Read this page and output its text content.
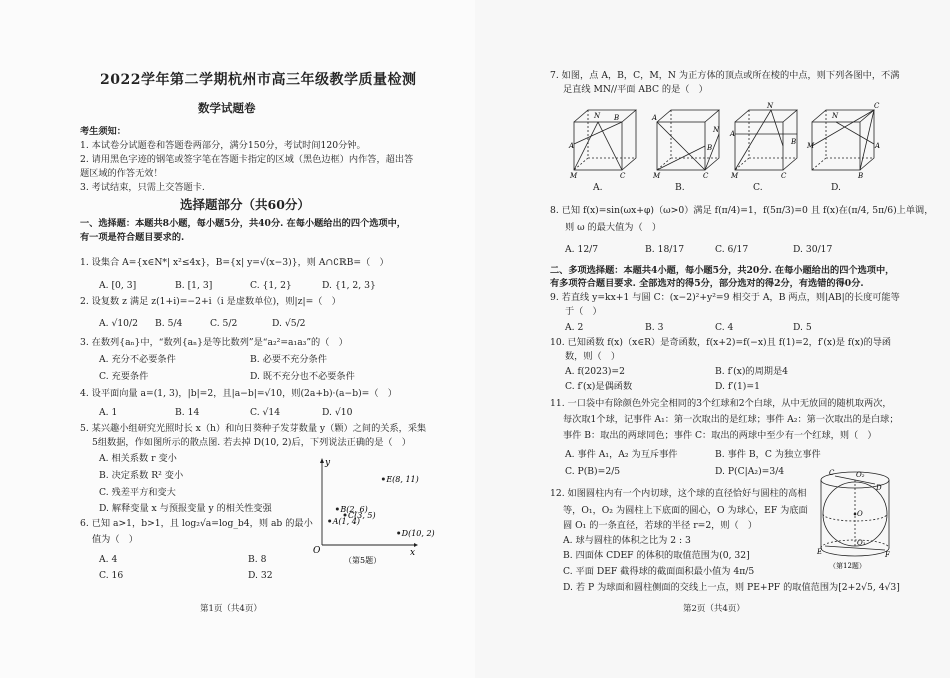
2022学年第二学期杭州市高三年级教学质量检测
数学试题卷
考生须知：
1. 本试卷分试题卷和答题卷两部分，满分150分，考试时间120分钟。
2. 请用黑色字迹的钢笔或签字笔在答题卡指定的区域（黑色边框）内作答，超出答
题区域的作答无效！
3. 考试结束，只需上交答题卡.
选择题部分（共60分）
一、选择题：本题共8小题，每小题5分，共40分. 在每小题给出的四个选项中，
有一项是符合题目要求的.
1. 设集合 A={x∈N*| x²≤4x}，B={x| y=√(x−3)}，则 A∩∁ℝB=（　）
A. [0, 3]	B. [1, 3]	C. {1, 2}	D. {1, 2, 3}
2. 设复数 z 满足 z(1+i)=−2+i（i 是虚数单位)，则|z|=（　）
A. √10/2 B. 5/4	C. 5/2	D. √5/2
3. 在数列{aₙ}中，“数列{aₙ}是等比数列”是“a₂²=a₁a₃”的（　）
A. 充分不必要条件	B. 必要不充分条件
C. 充要条件	D. 既不充分也不必要条件
4. 设平面向量 a=(1, 3)，|b|=2，且|a−b|=√10，则(2a+b)·(a−b)=（　）
A. 1	B. 14	C. √14	D. √10
5. 某兴趣小组研究光照时长 x（h）和向日葵种子发芽数量 y（颗）之间的关系，采集
5组数据，作如图所示的散点图. 若去掉 D(10, 2)后，下列说法正确的是（　）
A. 相关系数 r 变小
B. 决定系数 R² 变小
C. 残差平方和变大
D. 解释变量 x 与预报变量 y 的相关性变强
6. 已知 a>1，b>1，且 log₂√a=log_b4，则 ab 的最小
值为（　）
A. 4	B. 8
C. 16	D. 32
x
y
O
E(8, 11)
B(2, 6)
C(3, 5)
A(1, 4)
D(10, 2)
（第5题）
第1页（共4页）
7. 如图，点 A，B，C，M，N 为正方体的顶点或所在棱的中点，则下列各图中，不满
足直线 MN//平面 ABC 的是（　）
N B
A
M	C
A
N
B
M	C
N
A
B
M	C
C
N
M	A
B
A.	B.	C.	D.
8. 已知 f(x)=sin(ωx+φ)（ω>0）满足 f(π/4)=1，f(5π/3)=0 且 f(x)在(π/4, 5π/6)上单调，
则 ω 的最大值为（　）
A. 12/7	B. 18/17	C. 6/17	D. 30/17
二、多项选择题：本题共4小题，每小题5分，共20分. 在每小题给出的四个选项中，
有多项符合题目要求. 全部选对的得5分，部分选对的得2分，有选错的得0分.
9. 若直线 y=kx+1 与圆 C：(x−2)²+y²=9 相交于 A，B 两点，则|AB|的长度可能等
于（　）
A. 2	B. 3	C. 4	D. 5
10. 已知函数 f(x)（x∈R）是奇函数，f(x+2)=f(−x)且 f(1)=2，f′(x)是 f(x)的导函
数，则（　）
A. f(2023)=2	B. f′(x)的周期是4
C. f′(x)是偶函数	D. f′(1)=1
11. 一口袋中有除颜色外完全相同的3个红球和2个白球，从中无放回的随机取两次，
每次取1个球，记事件 A₁：第一次取出的是红球；事件 A₂：第一次取出的是白球；
事件 B：取出的两球同色；事件 C：取出的两球中至少有一个红球，则（　）
A. 事件 A₁，A₂ 为互斥事件	B. 事件 B，C 为独立事件
C. P(B)=2/5	D. P(C|A₂)=3/4
12. 如图圆柱内有一个内切球，这个球的直径恰好与圆柱的高相
等，O₁，O₂ 为圆柱上下底面的圆心，O 为球心，EF 为底面
圆 O₁ 的一条直径，若球的半径 r=2，则（　）
A. 球与圆柱的体积之比为 2 : 3
B. 四面体 CDEF 的体积的取值范围为(0, 32]
C. 平面 DEF 截得球的截面面积最小值为 4π/5
D. 若 P 为球面和圆柱侧面的交线上一点，则 PE+PF 的取值范围为[2+2√5, 4√3]
O₂
O
O₁
C
D
E	F
（第12题）
第2页（共4页）
